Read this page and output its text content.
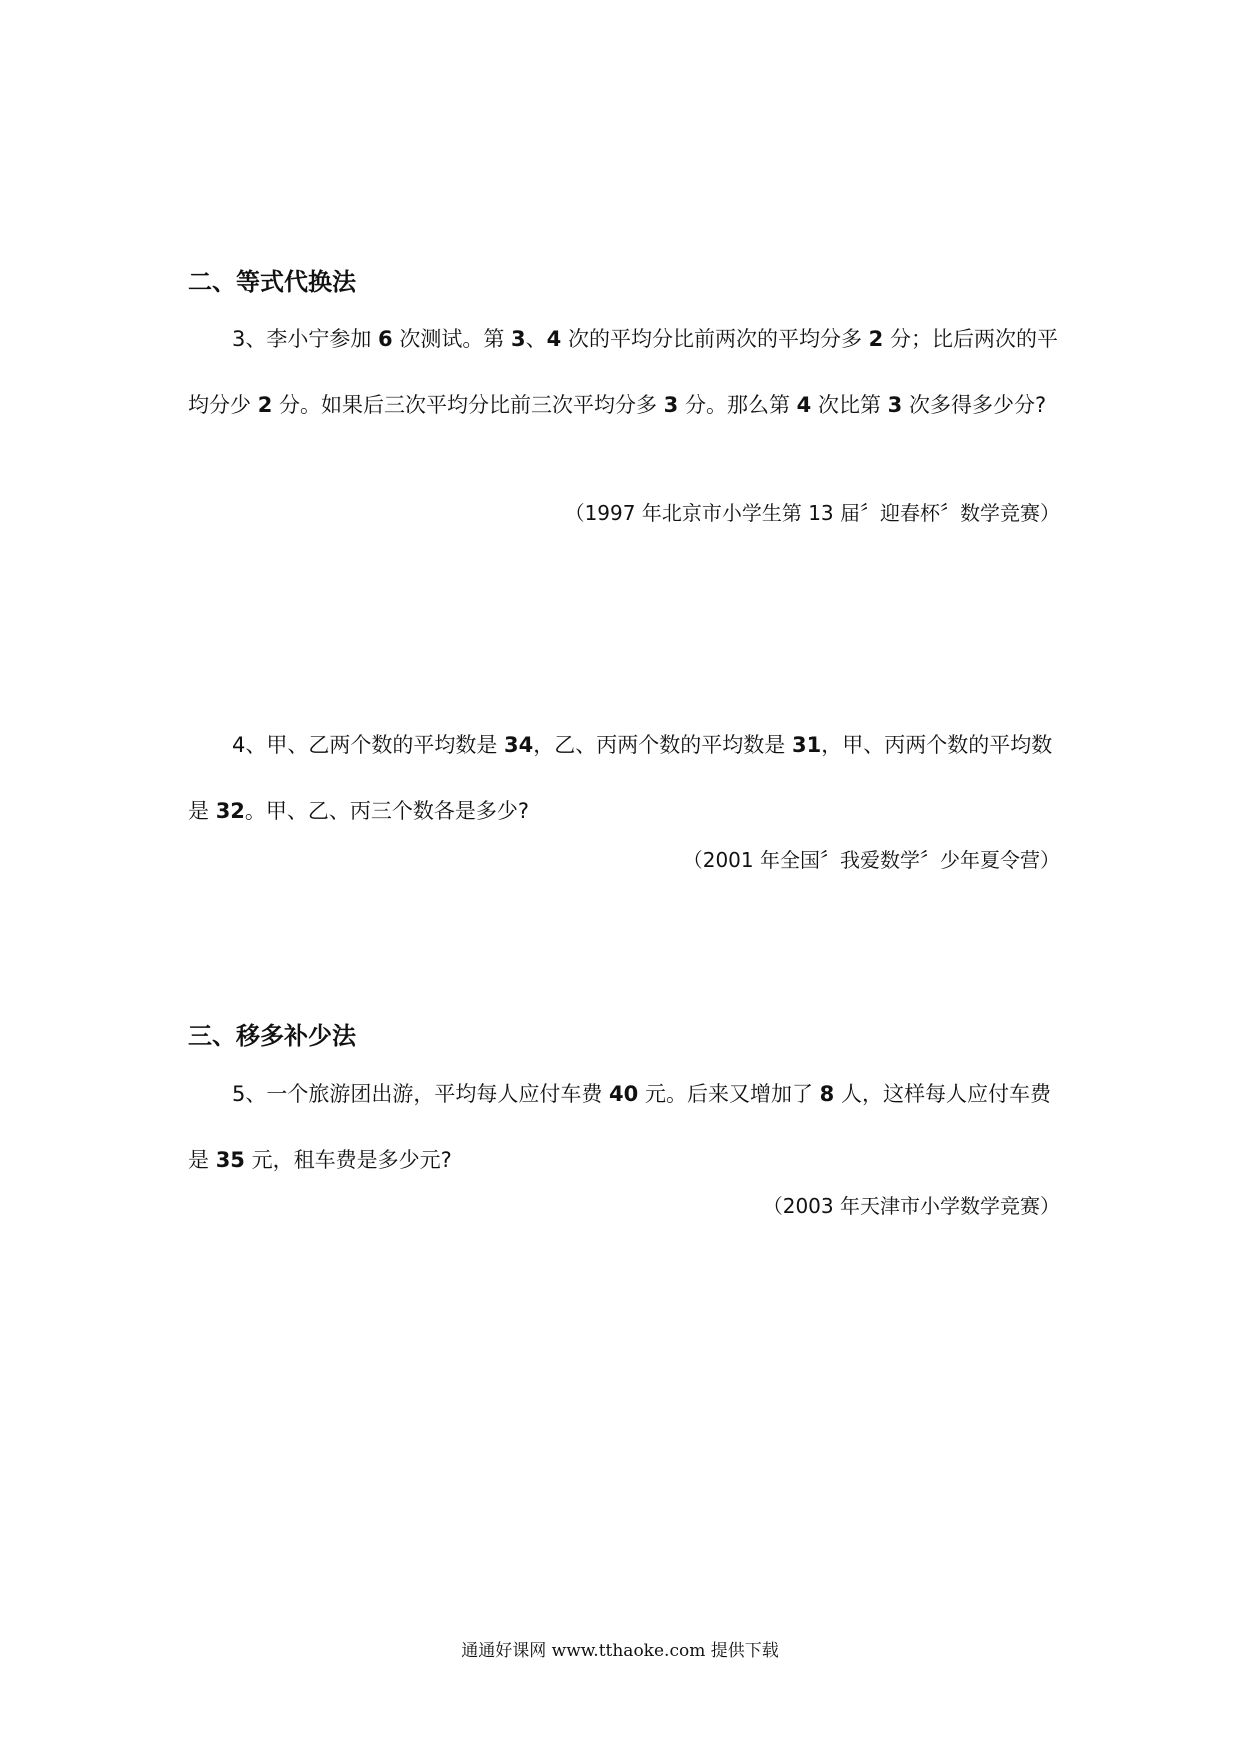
二、等式代换法

3、李小宁参加 6 次测试。第 3、4 次的平均分比前两次的平均分多 2 分；比后两次的平均分少 2 分。如果后三次平均分比前三次平均分多 3 分。那么第 4 次比第 3 次多得多少分?

（1997 年北京市小学生第 13 届〞迎春杯〞数学竞赛）

4、甲、乙两个数的平均数是 34，乙、丙两个数的平均数是 31，甲、丙两个数的平均数是 32。甲、乙、丙三个数各是多少?

（2001 年全国〞我爱数学〞少年夏令营）
三、移多补少法

5、一个旅游团出游，平均每人应付车费 40 元。后来又增加了 8 人，这样每人应付车费是 35 元，租车费是多少元?

（2003 年天津市小学数学竞赛）
通通好课网 www.tthaoke.com 提供下载
